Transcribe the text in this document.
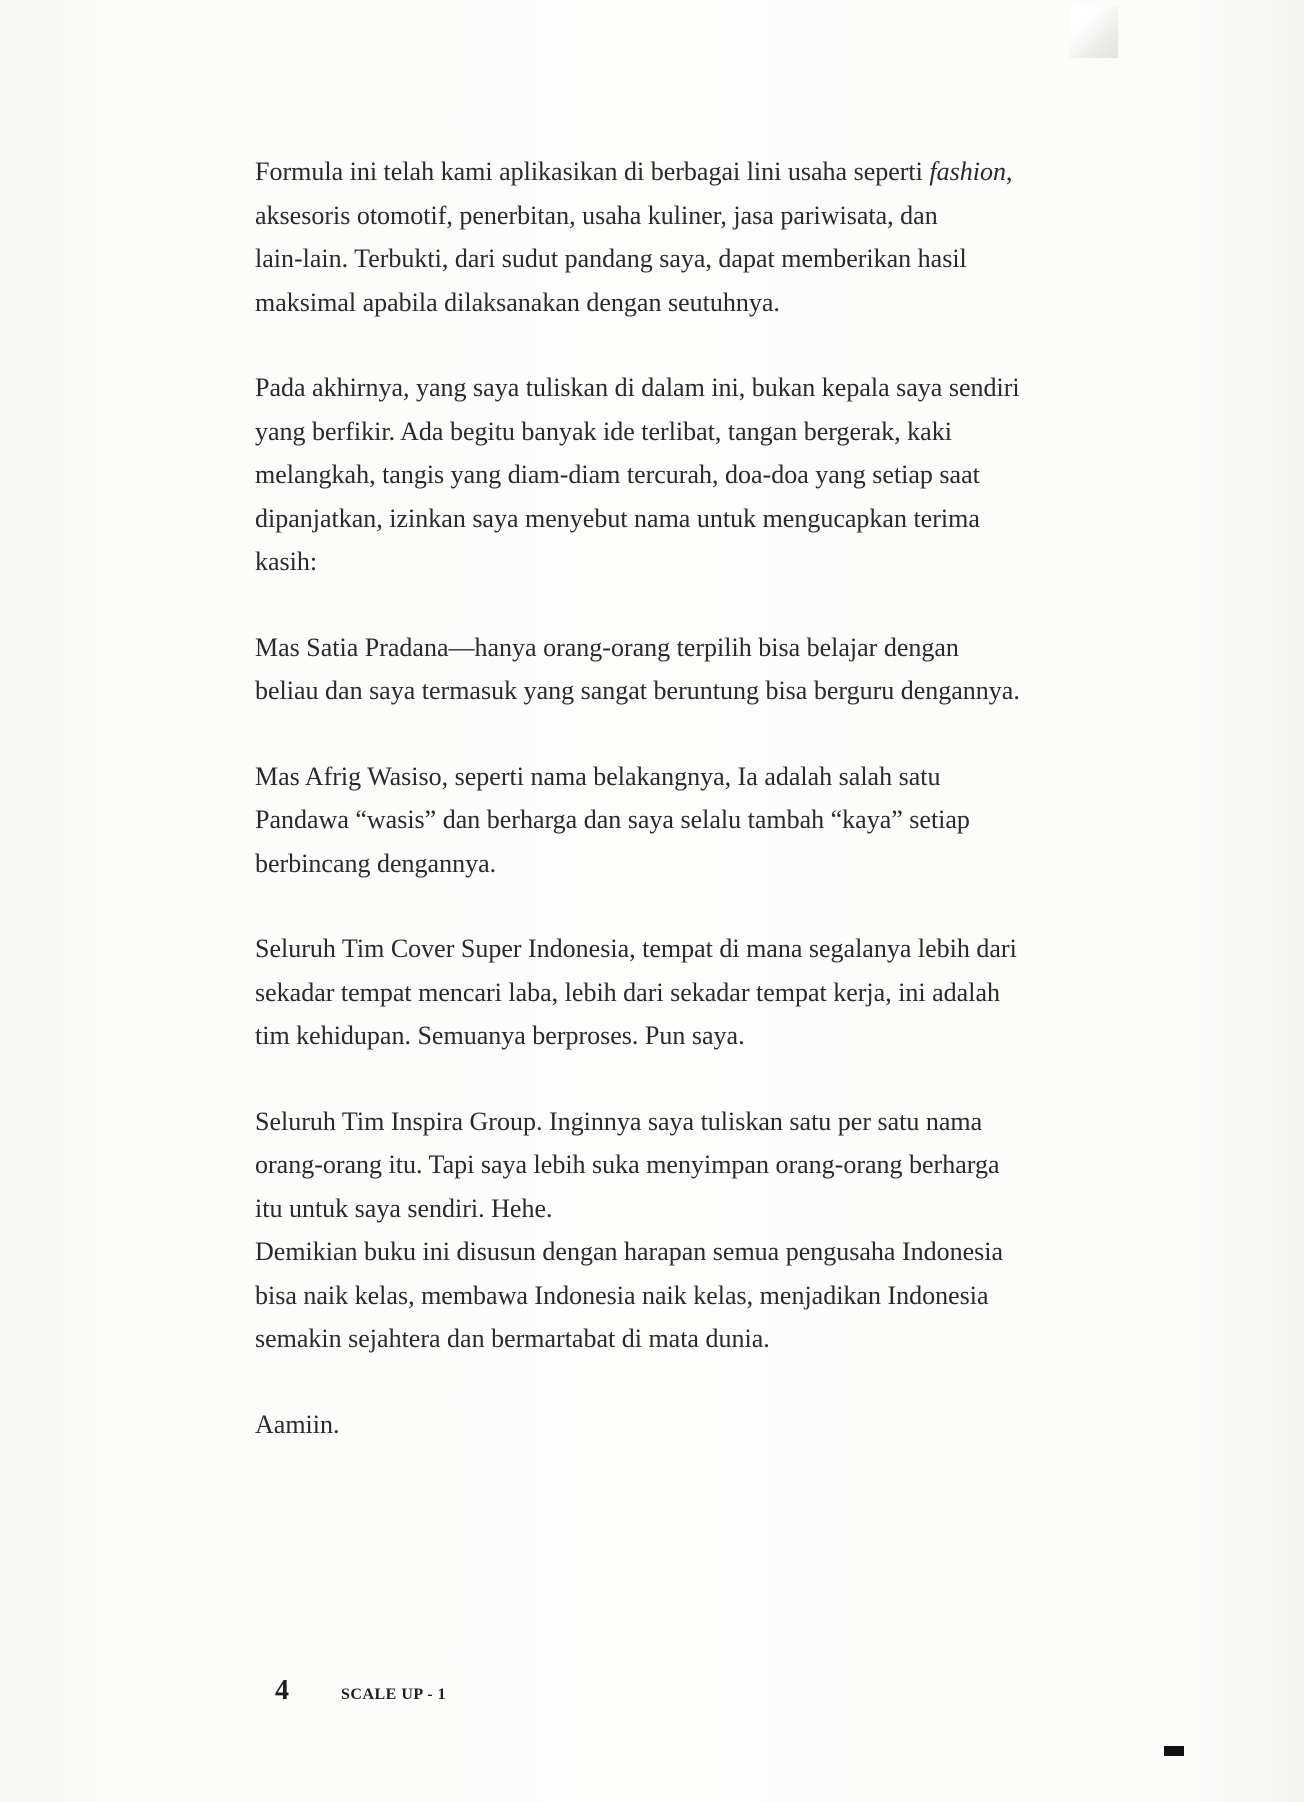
Formula ini telah kami aplikasikan di berbagai lini usaha seperti fashion,
aksesoris otomotif, penerbitan, usaha kuliner, jasa pariwisata, dan
lain-lain. Terbukti, dari sudut pandang saya, dapat memberikan hasil
maksimal apabila dilaksanakan dengan seutuhnya.

Pada akhirnya, yang saya tuliskan di dalam ini, bukan kepala saya sendiri
yang berfikir. Ada begitu banyak ide terlibat, tangan bergerak, kaki
melangkah, tangis yang diam-diam tercurah, doa-doa yang setiap saat
dipanjatkan, izinkan saya menyebut nama untuk mengucapkan terima
kasih:

Mas Satia Pradana—hanya orang-orang terpilih bisa belajar dengan
beliau dan saya termasuk yang sangat beruntung bisa berguru dengannya.

Mas Afrig Wasiso, seperti nama belakangnya, Ia adalah salah satu
Pandawa “wasis” dan berharga dan saya selalu tambah “kaya” setiap
berbincang dengannya.

Seluruh Tim Cover Super Indonesia, tempat di mana segalanya lebih dari
sekadar tempat mencari laba, lebih dari sekadar tempat kerja, ini adalah
tim kehidupan. Semuanya berproses. Pun saya.

Seluruh Tim Inspira Group. Inginnya saya tuliskan satu per satu nama
orang-orang itu. Tapi saya lebih suka menyimpan orang-orang berharga
itu untuk saya sendiri. Hehe.

Demikian buku ini disusun dengan harapan semua pengusaha Indonesia
bisa naik kelas, membawa Indonesia naik kelas, menjadikan Indonesia
semakin sejahtera dan bermartabat di mata dunia.

Aamiin.

4	SCALE UP - 1
